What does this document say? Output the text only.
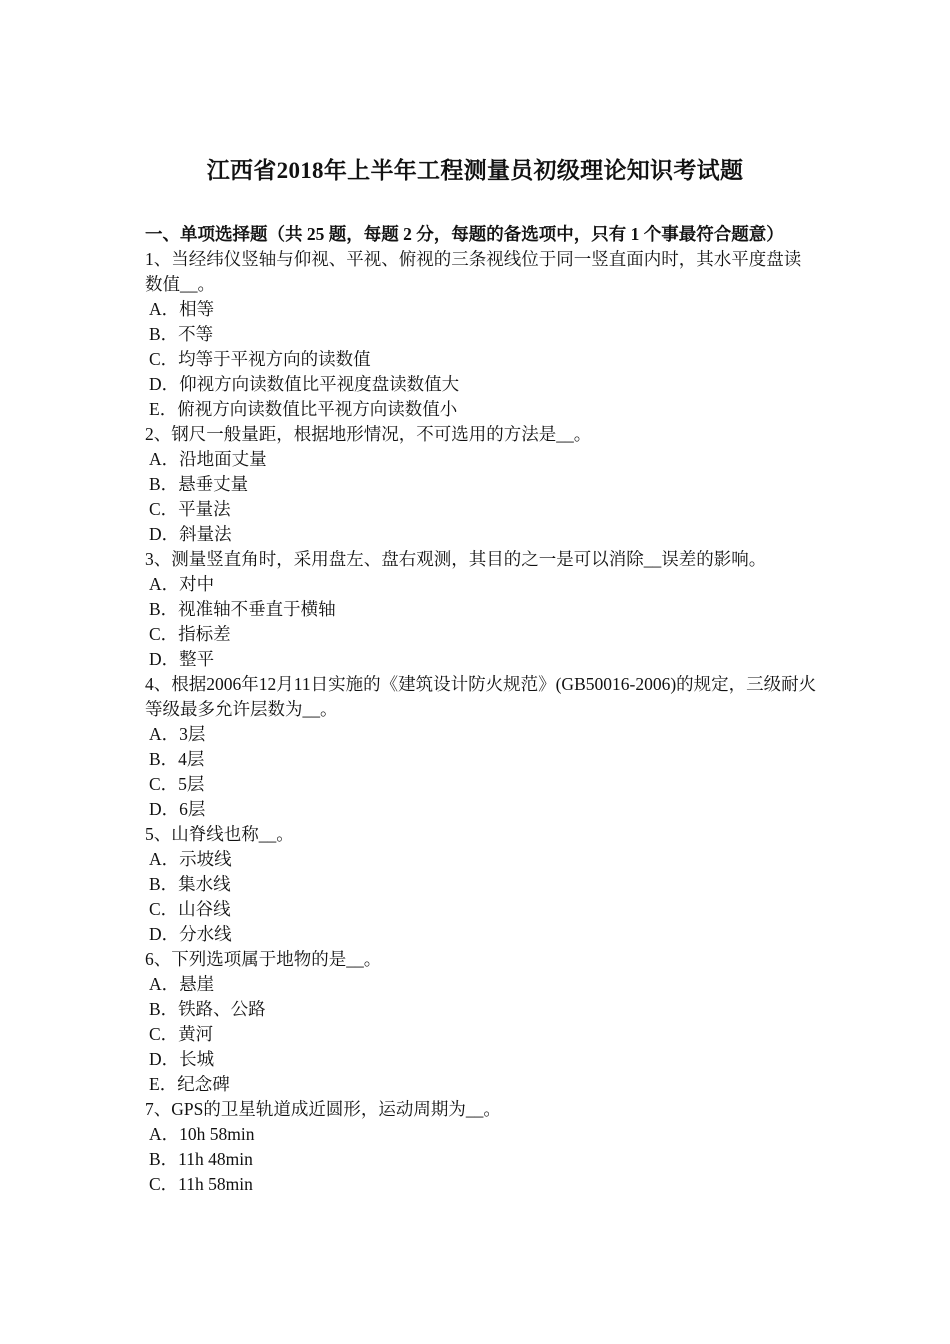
江西省2018年上半年工程测量员初级理论知识考试题

一、单项选择题（共 25 题，每题 2 分，每题的备选项中，只有 1 个事最符合题意）

1、当经纬仪竖轴与仰视、平视、俯视的三条视线位于同一竖直面内时，其水平度盘读数值__。

A．相等

B．不等

C．均等于平视方向的读数值

D．仰视方向读数值比平视度盘读数值大

E．俯视方向读数值比平视方向读数值小

2、钢尺一般量距，根据地形情况，不可选用的方法是__。

A．沿地面丈量

B．悬垂丈量

C．平量法

D．斜量法

3、测量竖直角时，采用盘左、盘右观测，其目的之一是可以消除__误差的影响。

A．对中

B．视准轴不垂直于横轴

C．指标差

D．整平

4、根据2006年12月11日实施的《建筑设计防火规范》(GB50016-2006)的规定，三级耐火等级最多允许层数为__。

A．3层

B．4层

C．5层

D．6层

5、山脊线也称__。

A．示坡线

B．集水线

C．山谷线

D．分水线

6、下列选项属于地物的是__。

A．悬崖

B．铁路、公路

C．黄河

D．长城

E．纪念碑

7、GPS的卫星轨道成近圆形，运动周期为__。

A．10h 58min

B．11h 48min

C．11h 58min
